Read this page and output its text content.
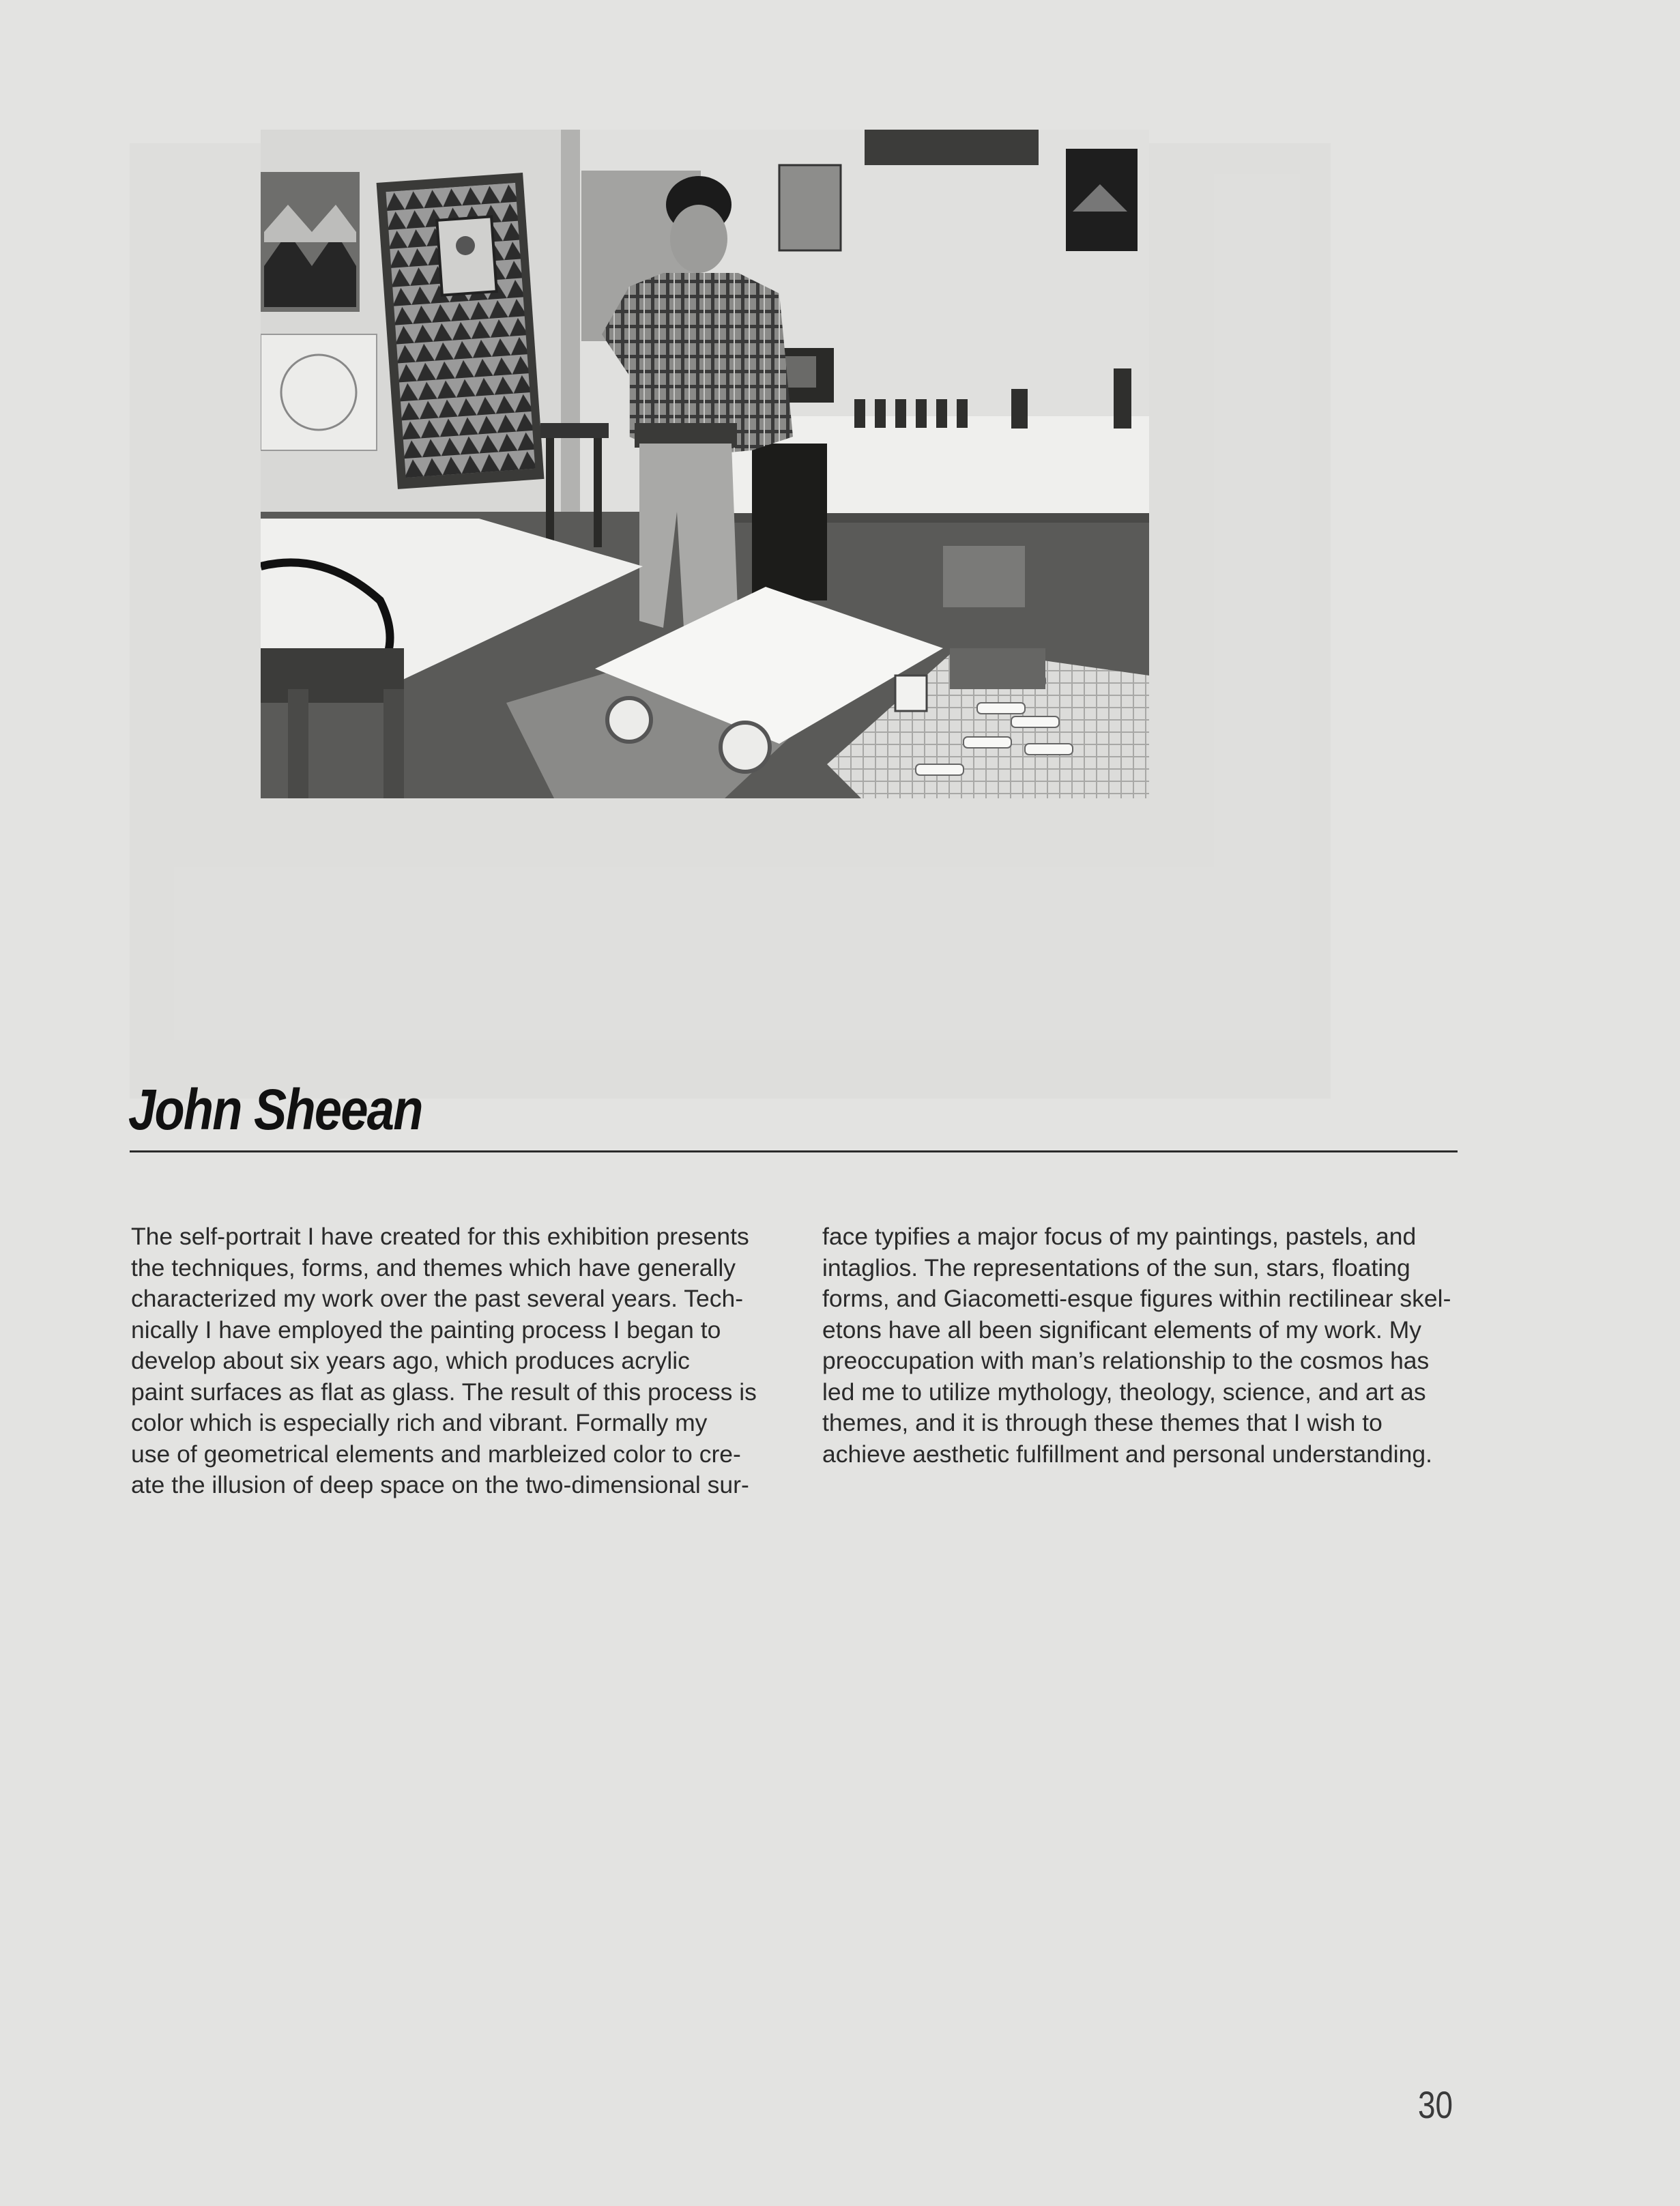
John Sheean
The self-portrait I have created for this exhibition presents
the techniques, forms, and themes which have generally
characterized my work over the past several years. Tech-
nically I have employed the painting process I began to
develop about six years ago, which produces acrylic
paint surfaces as flat as glass. The result of this process is
color which is especially rich and vibrant. Formally my
use of geometrical elements and marbleized color to cre-
ate the illusion of deep space on the two-dimensional sur-
face typifies a major focus of my paintings, pastels, and
intaglios. The representations of the sun, stars, floating
forms, and Giacometti-esque figures within rectilinear skel-
etons have all been significant elements of my work. My
preoccupation with man’s relationship to the cosmos has
led me to utilize mythology, theology, science, and art as
themes, and it is through these themes that I wish to
achieve aesthetic fulfillment and personal understanding.
30
